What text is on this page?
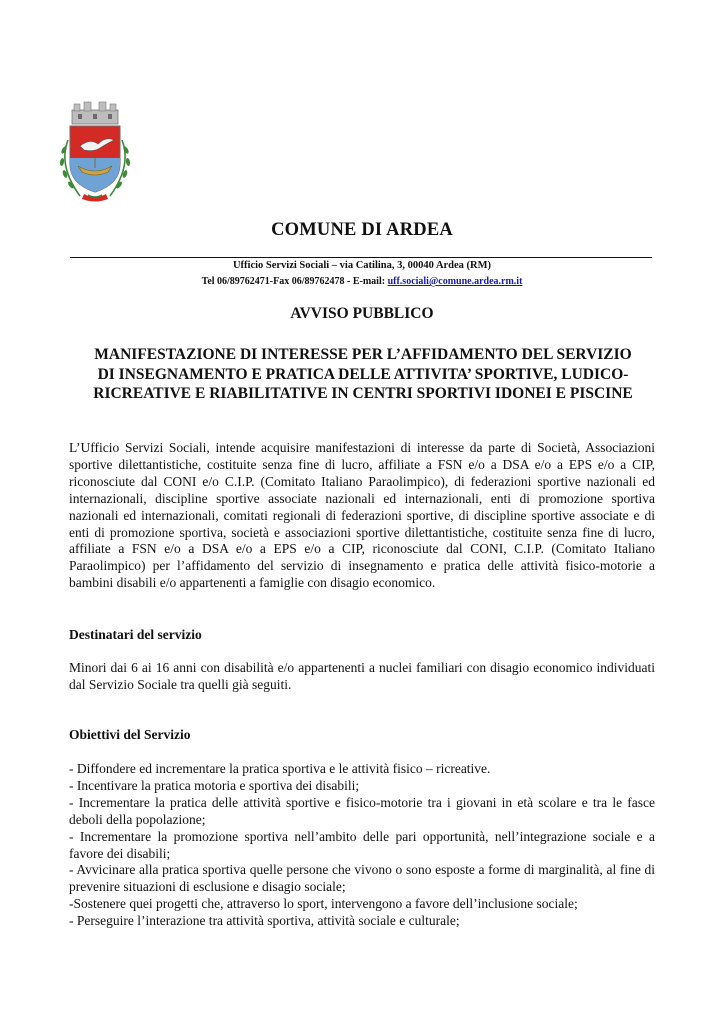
COMUNE DI ARDEA
Ufficio Servizi Sociali – via Catilina, 3, 00040 Ardea (RM)
Tel 06/89762471-Fax 06/89762478 - E-mail: uff.sociali@comune.ardea.rm.it
AVVISO PUBBLICO
MANIFESTAZIONE DI INTERESSE PER L’AFFIDAMENTO DEL SERVIZIO DI INSEGNAMENTO E PRATICA DELLE ATTIVITA’ SPORTIVE, LUDICO-RICREATIVE E RIABILITATIVE IN CENTRI SPORTIVI IDONEI E PISCINE
L’Ufficio Servizi Sociali, intende acquisire manifestazioni di interesse da parte di Società, Associazioni sportive dilettantistiche, costituite senza fine di lucro, affiliate a FSN e/o a DSA e/o a EPS e/o a CIP, riconosciute dal CONI e/o C.I.P. (Comitato Italiano Paraolimpico), di federazioni sportive nazionali ed internazionali, discipline sportive associate nazionali ed internazionali, enti di promozione sportiva nazionali ed internazionali, comitati regionali di federazioni sportive, di discipline sportive associate e di enti di promozione sportiva, società e associazioni sportive dilettantistiche, costituite senza fine di lucro, affiliate a FSN e/o a DSA e/o a EPS e/o a CIP, riconosciute dal CONI, C.I.P. (Comitato Italiano Paraolimpico) per l’affidamento del servizio di insegnamento e pratica delle attività fisico-motorie a bambini disabili e/o appartenenti a famiglie con disagio economico.
Destinatari del servizio
Minori dai 6 ai 16 anni con disabilità e/o appartenenti a nuclei familiari con disagio economico individuati dal Servizio Sociale tra quelli già seguiti.
Obiettivi del Servizio
- Diffondere ed incrementare la pratica sportiva e le attività fisico – ricreative.
- Incentivare la pratica motoria e sportiva dei disabili;
- Incrementare la pratica delle attività sportive e fisico-motorie tra i giovani in età scolare e tra le fasce deboli della popolazione;
- Incrementare la promozione sportiva nell’ambito delle pari opportunità, nell’integrazione sociale e a favore dei disabili;
- Avvicinare alla pratica sportiva quelle persone che vivono o sono esposte a forme di marginalità, al fine di prevenire situazioni di esclusione e disagio sociale;
-Sostenere quei progetti che, attraverso lo sport, intervengono a favore dell’inclusione sociale;
- Perseguire l’interazione tra attività sportiva, attività sociale e culturale;
